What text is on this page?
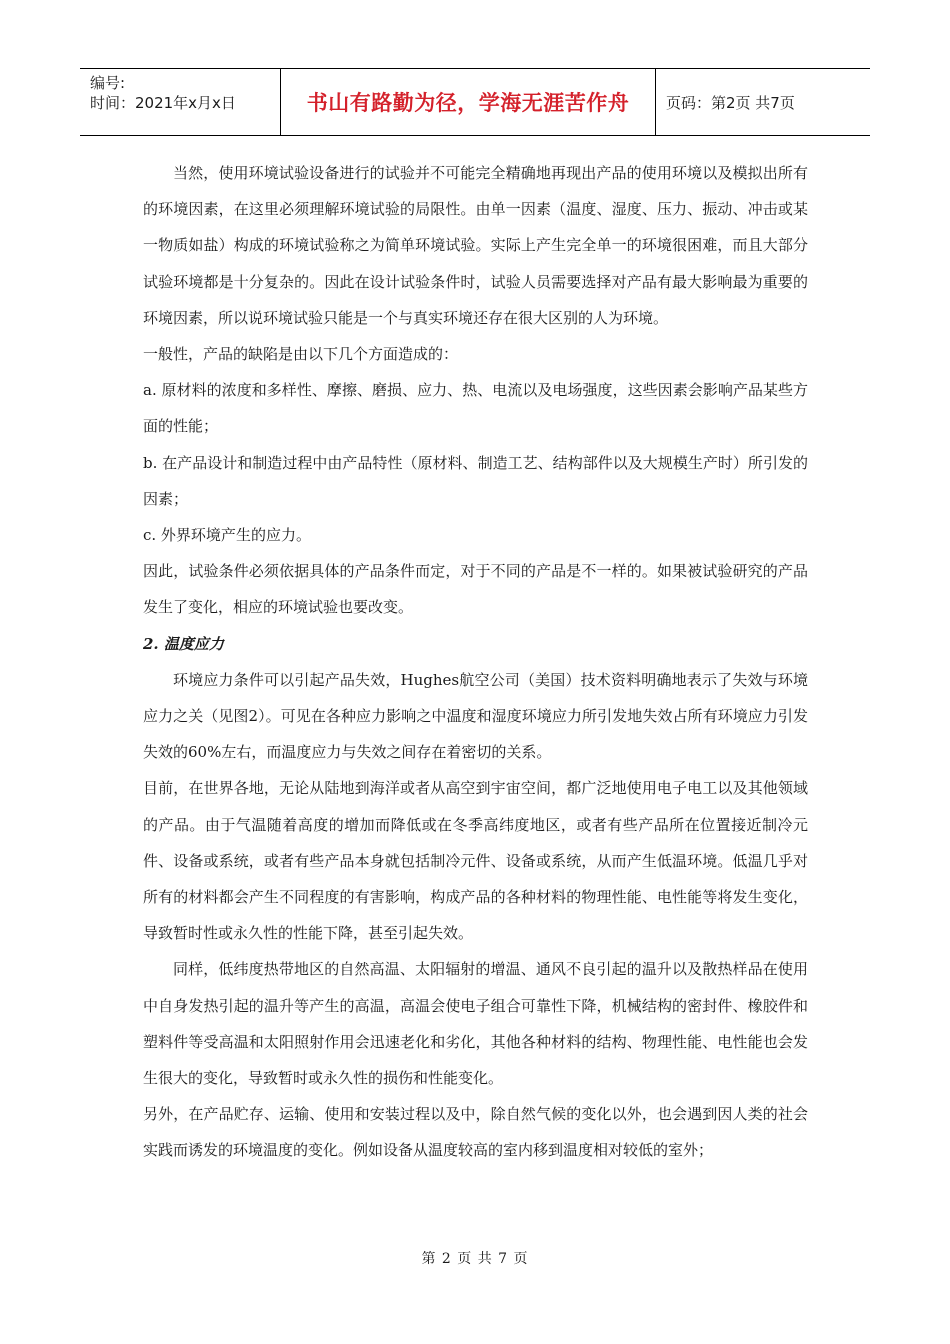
编号:
时间：2021年x月x日	书山有路勤为径，学海无涯苦作舟	页码：第2页 共7页

当然，使用环境试验设备进行的试验并不可能完全精确地再现出产品的使用环境以及模拟出所有的环境因素，在这里必须理解环境试验的局限性。由单一因素（温度、湿度、压力、振动、冲击或某一物质如盐）构成的环境试验称之为简单环境试验。实际上产生完全单一的环境很困难，而且大部分试验环境都是十分复杂的。因此在设计试验条件时，试验人员需要选择对产品有最大影响最为重要的环境因素，所以说环境试验只能是一个与真实环境还存在很大区别的人为环境。

一般性，产品的缺陷是由以下几个方面造成的：

a. 原材料的浓度和多样性、摩擦、磨损、应力、热、电流以及电场强度，这些因素会影响产品某些方面的性能；

b. 在产品设计和制造过程中由产品特性（原材料、制造工艺、结构部件以及大规模生产时）所引发的因素；

c. 外界环境产生的应力。

因此，试验条件必须依据具体的产品条件而定，对于不同的产品是不一样的。如果被试验研究的产品发生了变化，相应的环境试验也要改变。

2. 温度应力

环境应力条件可以引起产品失效，Hughes航空公司（美国）技术资料明确地表示了失效与环境应力之关（见图2）。可见在各种应力影响之中温度和湿度环境应力所引发地失效占所有环境应力引发失效的60%左右，而温度应力与失效之间存在着密切的关系。

目前，在世界各地，无论从陆地到海洋或者从高空到宇宙空间，都广泛地使用电子电工以及其他领域的产品。由于气温随着高度的增加而降低或在冬季高纬度地区，或者有些产品所在位置接近制冷元件、设备或系统，或者有些产品本身就包括制冷元件、设备或系统，从而产生低温环境。低温几乎对所有的材料都会产生不同程度的有害影响，构成产品的各种材料的物理性能、电性能等将发生变化，导致暂时性或永久性的性能下降，甚至引起失效。

同样，低纬度热带地区的自然高温、太阳辐射的增温、通风不良引起的温升以及散热样品在使用中自身发热引起的温升等产生的高温，高温会使电子组合可靠性下降，机械结构的密封件、橡胶件和塑料件等受高温和太阳照射作用会迅速老化和劣化，其他各种材料的结构、物理性能、电性能也会发生很大的变化，导致暂时或永久性的损伤和性能变化。

另外，在产品贮存、运输、使用和安装过程以及中，除自然气候的变化以外，也会遇到因人类的社会实践而诱发的环境温度的变化。例如设备从温度较高的室内移到温度相对较低的室外；

第 2 页 共 7 页
